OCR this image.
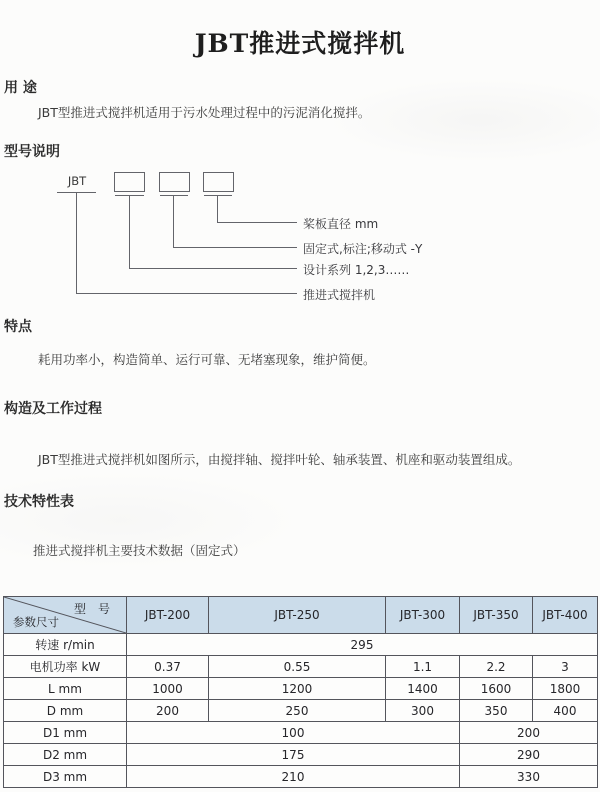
JBT推进式搅拌机
用 途
JBT型推进式搅拌机适用于污水处理过程中的污泥消化搅拌。
型号说明
JBT
桨板直径 mm
固定式,标注;移动式 -Y
设计系列 1,2,3……
推进式搅拌机
特点
耗用功率小，构造简单、运行可靠、无堵塞现象，维护简便。
构造及工作过程
JBT型推进式搅拌机如图所示，由搅拌轴、搅拌叶轮、轴承装置、机座和驱动装置组成。
技术特性表
推进式搅拌机主要技术数据（固定式）
型　号
参数尺寸	JBT-200	JBT-250	JBT-300	JBT-350	JBT-400
转速 r/min	295				
电机功率 kW	0.37	0.55	1.1	2.2	3
L mm	1000	1200	1400	1600	1800
D mm	200	250	300	350	400
D1 mm	100			200	
D2 mm	175			290	
D3 mm	210			330	
